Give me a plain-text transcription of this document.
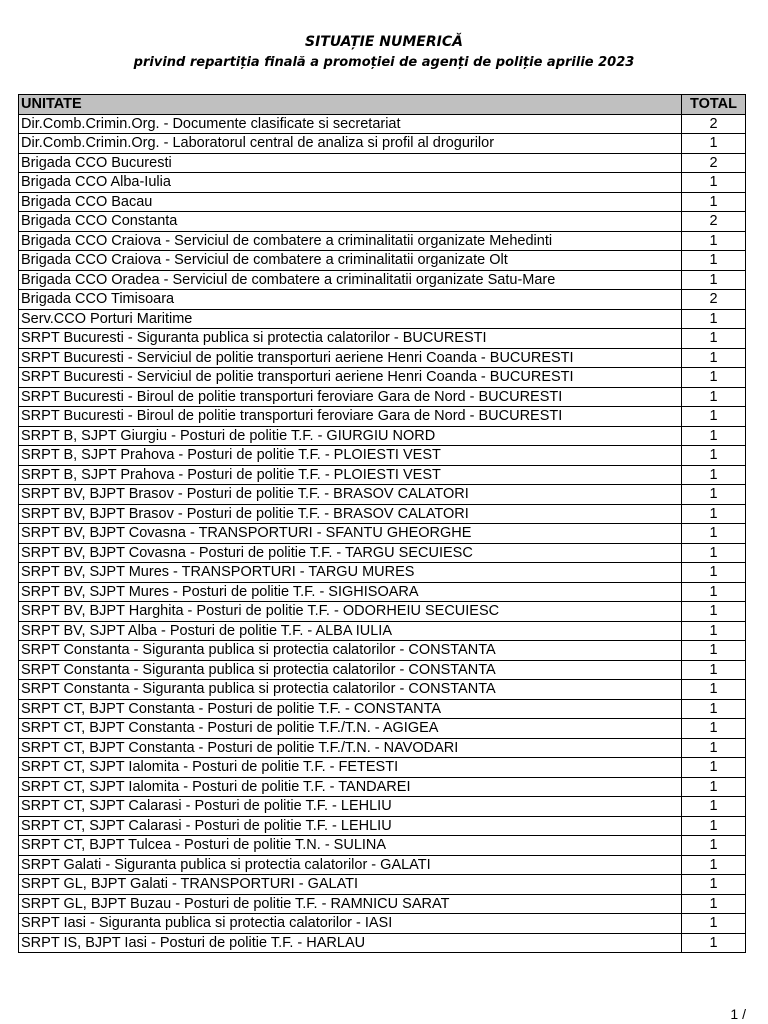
SITUAȚIE NUMERICĂ
privind repartiția finală a promoției de agenți de poliție aprilie 2023
UNITATE	TOTAL
Dir.Comb.Crimin.Org. - Documente clasificate si secretariat	2
Dir.Comb.Crimin.Org. - Laboratorul central de analiza si profil al drogurilor	1
Brigada CCO Bucuresti	2
Brigada CCO Alba-Iulia	1
Brigada CCO Bacau	1
Brigada CCO Constanta	2
Brigada CCO Craiova - Serviciul de combatere a criminalitatii organizate Mehedinti	1
Brigada CCO Craiova - Serviciul de combatere a criminalitatii organizate Olt	1
Brigada CCO Oradea - Serviciul de combatere a criminalitatii organizate Satu-Mare	1
Brigada CCO Timisoara	2
Serv.CCO Porturi Maritime	1
SRPT Bucuresti - Siguranta publica si protectia calatorilor - BUCURESTI	1
SRPT Bucuresti - Serviciul de politie transporturi aeriene Henri Coanda - BUCURESTI	1
SRPT Bucuresti - Serviciul de politie transporturi aeriene Henri Coanda - BUCURESTI	1
SRPT Bucuresti - Biroul de politie transporturi feroviare Gara de Nord - BUCURESTI	1
SRPT Bucuresti - Biroul de politie transporturi feroviare Gara de Nord - BUCURESTI	1
SRPT B, SJPT Giurgiu - Posturi de politie T.F. - GIURGIU NORD	1
SRPT B, SJPT Prahova - Posturi de politie T.F. - PLOIESTI VEST	1
SRPT B, SJPT Prahova - Posturi de politie T.F. - PLOIESTI VEST	1
SRPT BV, BJPT Brasov - Posturi de politie T.F. - BRASOV CALATORI	1
SRPT BV, BJPT Brasov - Posturi de politie T.F. - BRASOV CALATORI	1
SRPT BV, BJPT Covasna - TRANSPORTURI - SFANTU GHEORGHE	1
SRPT BV, BJPT Covasna - Posturi de politie T.F. - TARGU SECUIESC	1
SRPT BV, SJPT Mures - TRANSPORTURI - TARGU MURES	1
SRPT BV, SJPT Mures - Posturi de politie T.F. - SIGHISOARA	1
SRPT BV, BJPT Harghita - Posturi de politie T.F. - ODORHEIU SECUIESC	1
SRPT BV, SJPT Alba - Posturi de politie T.F. - ALBA IULIA	1
SRPT Constanta - Siguranta publica si protectia calatorilor - CONSTANTA	1
SRPT Constanta - Siguranta publica si protectia calatorilor - CONSTANTA	1
SRPT Constanta - Siguranta publica si protectia calatorilor - CONSTANTA	1
SRPT CT, BJPT Constanta - Posturi de politie T.F. - CONSTANTA	1
SRPT CT, BJPT Constanta - Posturi de politie T.F./T.N. - AGIGEA	1
SRPT CT, BJPT Constanta - Posturi de politie T.F./T.N. - NAVODARI	1
SRPT CT, SJPT Ialomita - Posturi de politie T.F. - FETESTI	1
SRPT CT, SJPT Ialomita - Posturi de politie T.F. - TANDAREI	1
SRPT CT, SJPT Calarasi - Posturi de politie T.F. - LEHLIU	1
SRPT CT, SJPT Calarasi - Posturi de politie T.F. - LEHLIU	1
SRPT CT, BJPT Tulcea - Posturi de politie T.N. - SULINA	1
SRPT Galati - Siguranta publica si protectia calatorilor - GALATI	1
SRPT GL, BJPT Galati - TRANSPORTURI - GALATI	1
SRPT GL, BJPT Buzau - Posturi de politie T.F. - RAMNICU SARAT	1
SRPT Iasi - Siguranta publica si protectia calatorilor - IASI	1
SRPT IS, BJPT Iasi - Posturi de politie T.F. - HARLAU	1
1 /
